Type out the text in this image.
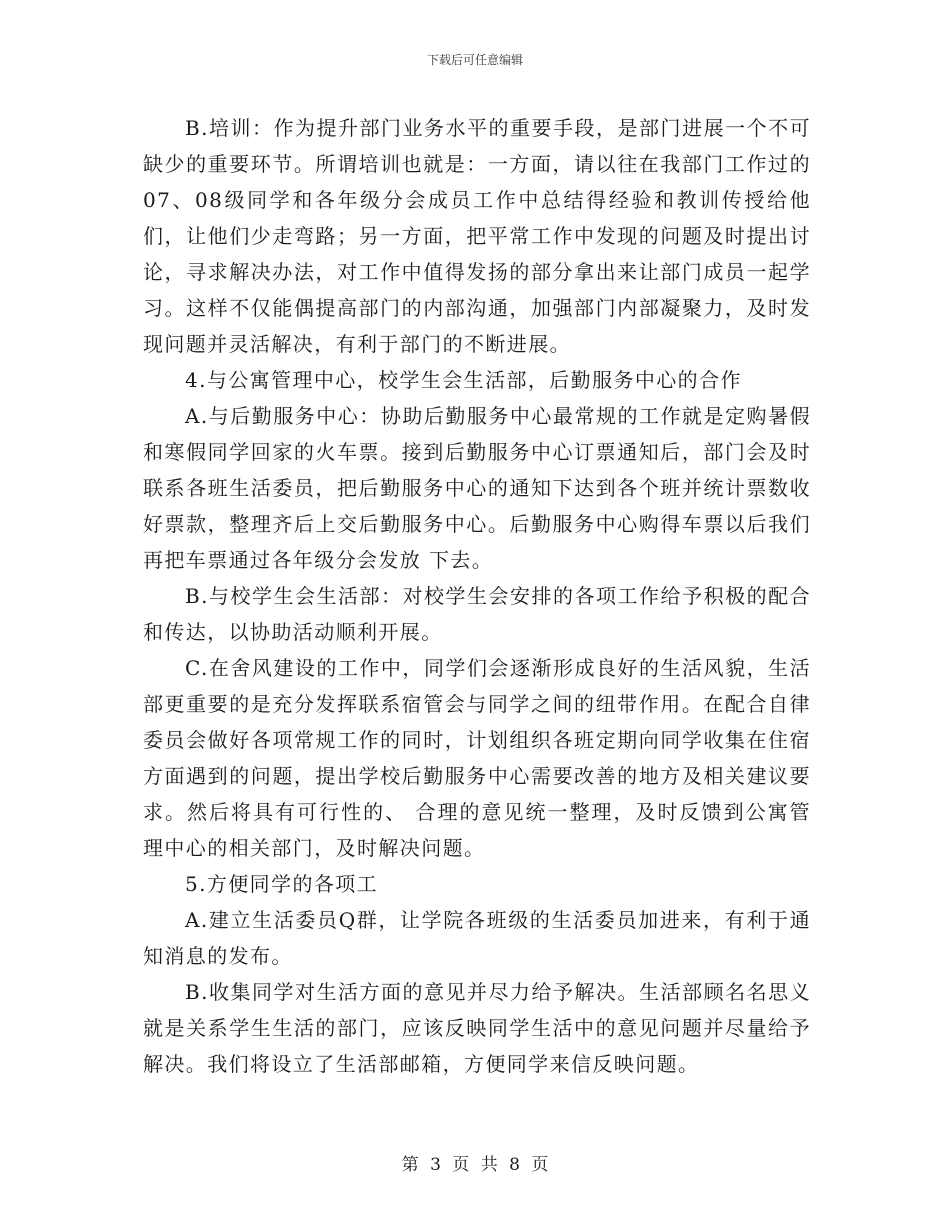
下载后可任意编辑

B.培训：作为提升部门业务水平的重要手段，是部门进展一个不可缺少的重要环节。所谓培训也就是：一方面，请以往在我部门工作过的07、08级同学和各年级分会成员工作中总结得经验和教训传授给他们，让他们少走弯路；另一方面，把平常工作中发现的问题及时提出讨论，寻求解决办法，对工作中值得发扬的部分拿出来让部门成员一起学习。这样不仅能偶提高部门的内部沟通，加强部门内部凝聚力，及时发现问题并灵活解决，有利于部门的不断进展。

4.与公寓管理中心，校学生会生活部，后勤服务中心的合作

A.与后勤服务中心：协助后勤服务中心最常规的工作就是定购暑假和寒假同学回家的火车票。接到后勤服务中心订票通知后，部门会及时联系各班生活委员，把后勤服务中心的通知下达到各个班并统计票数收好票款，整理齐后上交后勤服务中心。后勤服务中心购得车票以后我们再把车票通过各年级分会发放 下去。

B.与校学生会生活部：对校学生会安排的各项工作给予积极的配合和传达，以协助活动顺利开展。

C.在舍风建设的工作中，同学们会逐渐形成良好的生活风貌，生活部更重要的是充分发挥联系宿管会与同学之间的纽带作用。在配合自律委员会做好各项常规工作的同时，计划组织各班定期向同学收集在住宿方面遇到的问题，提出学校后勤服务中心需要改善的地方及相关建议要求。然后将具有可行性的、 合理的意见统一整理，及时反馈到公寓管理中心的相关部门，及时解决问题。

5.方便同学的各项工

A.建立生活委员Q群，让学院各班级的生活委员加进来，有利于通知消息的发布。

B.收集同学对生活方面的意见并尽力给予解决。生活部顾名名思义就是关系学生生活的部门，应该反映同学生活中的意见问题并尽量给予解决。我们将设立了生活部邮箱，方便同学来信反映问题。

第 3 页 共 8 页
